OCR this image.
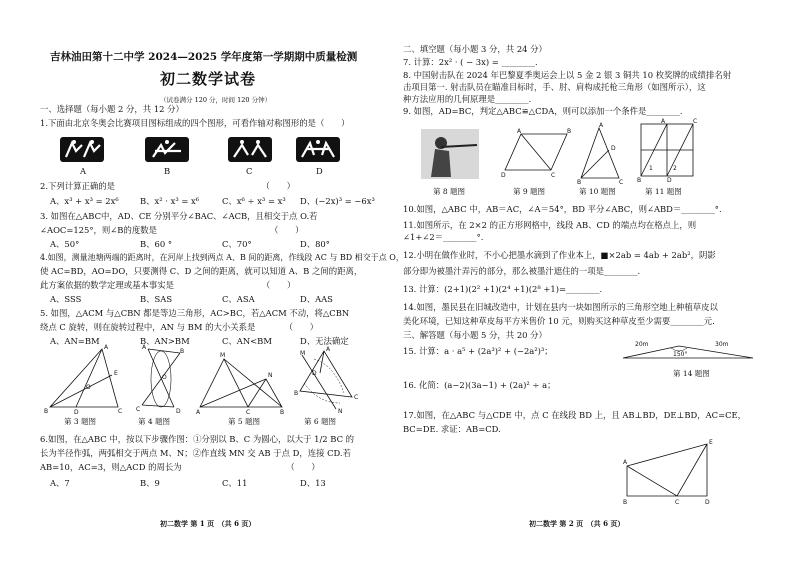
吉林油田第十二中学 2024—2025 学年度第一学期期中质量检测
初二数学试卷
（试卷满分 120 分，时间 120 分钟）
一、选择题（每小题 2 分，共 12 分）
1.下面由北京冬奥会比赛项目图标组成的四个图形，可看作轴对称图形的是（　　）
A	B	C	D
2.下列计算正确的是　　　　　　　　　　　　　　　　　　（　　）
A、x³ + x³ = 2x⁶	B、x² · x³ = x⁶	C、x⁶ ÷ x³ = x³ D、(−2x)³ = −6x³
3. 如图在△ABC中，AD、CE 分别平分∠BAC、∠ACB，且相交于点 O.若
∠AOC=125°，则∠B的度数是　　　　　　　　　　　　　　（　　）
A、50°	B、60 °	C、70°	D、80°
4.如图，测量池塘两端的距离时，在河岸上找到两点 A、B 间的距离，作线段 AC 与 BD 相交于点 O，
使 AC=BD，AO=DO，只要测得 C、D 之间的距离，就可以知道 A、B 之间的距离，
此方案依据的数学定理或基本事实是　　　　　　　　　　　（　　）
A、SSS	B、SAS	C、ASA	D、AAS
5. 如图，△ACM 与△CBN 都是等边三角形，AC>BC，若△ACM 不动，将△CBN
绕点 C 旋转，则在旋转过程中，AN 与 BM 的大小关系是　　　　（　　）
A、AN=BM	B、AN>BM	C、AN<BM	D、无法确定
A
E
O
B	D	C
A
O
B
C	D
M
N
A	C	B
M
A
D
B
C
N
第 3 题图	第 4 题图	第 5 题图	第 6 题图
6.如图，在△ABC 中，按以下步骤作图：①分别以 B、C 为圆心，以大于 1/2 BC 的
长为半径作弧，两弧相交于两点 M、N；②作直线 MN 交 AB 于点 D，连接 CD.若
AB=10，AC=3，则△ACD 的周长为　　　　　　　　　　　　　（　　）
A、7	B、9	C、11	D、13
初二数学 第 1 页　（共 6 页）
二、填空题（每小题 3 分，共 24 分）
7. 计算：2x² · ( − 3x) = ________.
8. 中国射击队在 2024 年巴黎夏季奥运会上以 5 金 2 银 3 铜共 10 枚奖牌的成绩排名射
击项目第一. 射击队员在瞄准目标时，手、肘、肩构成托枪三角形（如图所示），这
种方法应用的几何原理是________.
9. 如图，AD=BC，判定△ABC≌△CDA，则可以添加一个条件是________.
A	B
C
D
A
D
B	C
A	C
B	D
1	2
第 8 题图	第 9 题图	第 10 题图	第 11 题图
10.如图，△ABC 中，AB＝AC，∠A＝54°，BD 平分∠ABC，则∠ABD＝________°.
11.如图所示，在 2×2 的正方形网格中，线段 AB、CD 的端点均在格点上，则
∠1+∠2＝________°.
12.小明在做作业时，不小心把墨水滴到了作业本上，■×2ab = 4ab + 2ab²，阴影
部分即为被墨汁弄污的部分，那么被墨汁遮住的一项是________.
13. 计算：(2+1)(2² +1)(2⁴ +1)(2⁸ +1)=________.
14.如图，墨民县在旧城改造中，计划在县内一块如图所示的三角形空地上种植草皮以
美化环境，已知这种草皮每平方米售价 10 元，则购买这种草皮至少需要________元.
三、解答题（每小题 5 分，共 20 分）
15. 计算：a · a⁵ + (2a³)² + (−2a²)³；
20m	30m
150°
第 14 题图
16. 化简：(a−2)(3a−1) + (2a)² ÷ a；
17.如图，在△ABC 与△CDE 中，点 C 在线段 BD 上，且 AB⊥BD，DE⊥BD，AC=CE，
BC=DE. 求证：AB=CD.
A
B	C	D
E
初二数学 第 2 页　（共 6 页）
